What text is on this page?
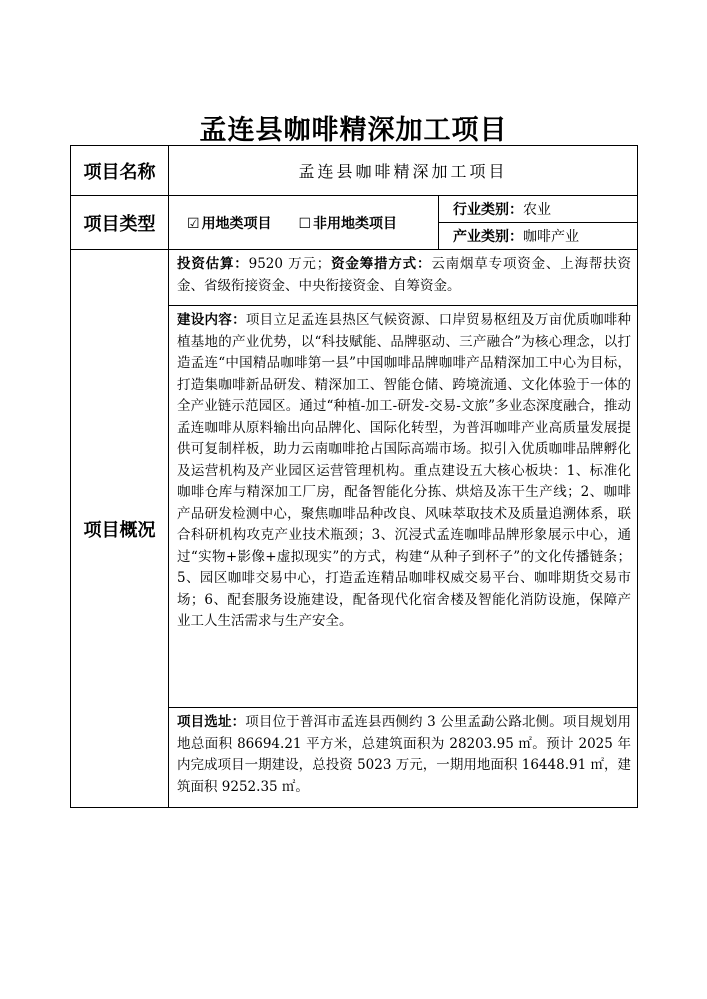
孟连县咖啡精深加工项目
项目名称	孟连县咖啡精深加工项目	
项目类型	☑ 用地类项目 ☐ 非用地类项目	行业类别：农业
		产业类别：咖啡产业
项目概况	投资估算：9520 万元；资金筹措方式：云南烟草专项资金、上海帮扶资金、省级衔接资金、中央衔接资金、自筹资金。	
	建设内容：项目立足孟连县热区气候资源、口岸贸易枢纽及万亩优质咖啡种植基地的产业优势，以“科技赋能、品牌驱动、三产融合”为核心理念，以打造孟连“中国精品咖啡第一县”中国咖啡品牌咖啡产品精深加工中心为目标，打造集咖啡新品研发、精深加工、智能仓储、跨境流通、文化体验于一体的全产业链示范园区。通过“种植-加工-研发-交易-文旅”多业态深度融合，推动孟连咖啡从原料输出向品牌化、国际化转型，为普洱咖啡产业高质量发展提供可复制样板，助力云南咖啡抢占国际高端市场。拟引入优质咖啡品牌孵化及运营机构及产业园区运营管理机构。重点建设五大核心板块：1、标准化咖啡仓库与精深加工厂房，配备智能化分拣、烘焙及冻干生产线；2、咖啡产品研发检测中心，聚焦咖啡品种改良、风味萃取技术及质量追溯体系，联合科研机构攻克产业技术瓶颈；3、沉浸式孟连咖啡品牌形象展示中心，通过“实物+影像+虚拟现实”的方式，构建“从种子到杯子”的文化传播链条；5、园区咖啡交易中心，打造孟连精品咖啡权威交易平台、咖啡期货交易市场；6、配套服务设施建设，配备现代化宿舍楼及智能化消防设施，保障产业工人生活需求与生产安全。	
	项目选址：项目位于普洱市孟连县西侧约 3 公里孟勐公路北侧。项目规划用地总面积 86694.21 平方米，总建筑面积为 28203.95 ㎡。预计 2025 年内完成项目一期建设，总投资 5023 万元，一期用地面积 16448.91 ㎡，建筑面积 9252.35 ㎡。	
